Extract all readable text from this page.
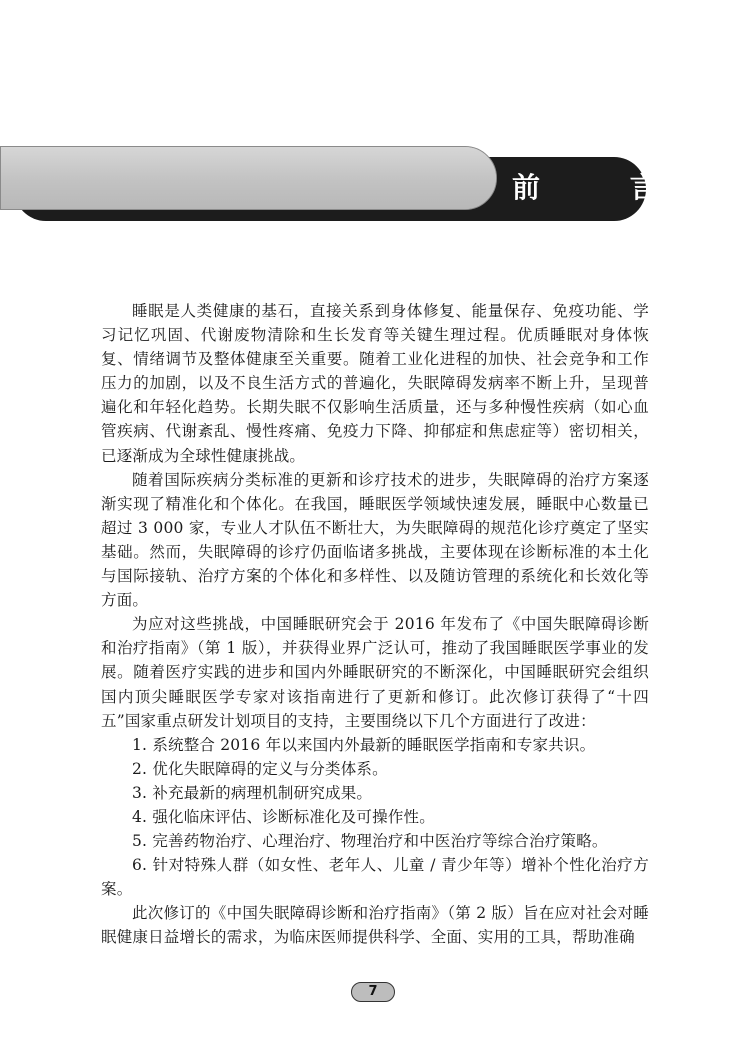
前 言

睡眠是人类健康的基石，直接关系到身体修复、能量保存、免疫功能、学习记忆巩固、代谢废物清除和生长发育等关键生理过程。优质睡眠对身体恢复、情绪调节及整体健康至关重要。随着工业化进程的加快、社会竞争和工作压力的加剧，以及不良生活方式的普遍化，失眠障碍发病率不断上升，呈现普遍化和年轻化趋势。长期失眠不仅影响生活质量，还与多种慢性疾病（如心血管疾病、代谢紊乱、慢性疼痛、免疫力下降、抑郁症和焦虑症等）密切相关，已逐渐成为全球性健康挑战。

随着国际疾病分类标准的更新和诊疗技术的进步，失眠障碍的治疗方案逐渐实现了精准化和个体化。在我国，睡眠医学领域快速发展，睡眠中心数量已超过 3 000 家，专业人才队伍不断壮大，为失眠障碍的规范化诊疗奠定了坚实基础。然而，失眠障碍的诊疗仍面临诸多挑战，主要体现在诊断标准的本土化与国际接轨、治疗方案的个体化和多样性、以及随访管理的系统化和长效化等方面。

为应对这些挑战，中国睡眠研究会于 2016 年发布了《中国失眠障碍诊断和治疗指南》（第 1 版），并获得业界广泛认可，推动了我国睡眠医学事业的发展。随着医疗实践的进步和国内外睡眠研究的不断深化，中国睡眠研究会组织国内顶尖睡眠医学专家对该指南进行了更新和修订。此次修订获得了“十四五”国家重点研发计划项目的支持，主要围绕以下几个方面进行了改进：

1. 系统整合 2016 年以来国内外最新的睡眠医学指南和专家共识。

2. 优化失眠障碍的定义与分类体系。

3. 补充最新的病理机制研究成果。

4. 强化临床评估、诊断标准化及可操作性。

5. 完善药物治疗、心理治疗、物理治疗和中医治疗等综合治疗策略。

6. 针对特殊人群（如女性、老年人、儿童 / 青少年等）增补个性化治疗方案。

此次修订的《中国失眠障碍诊断和治疗指南》（第 2 版）旨在应对社会对睡眠健康日益增长的需求，为临床医师提供科学、全面、实用的工具，帮助准确

7
